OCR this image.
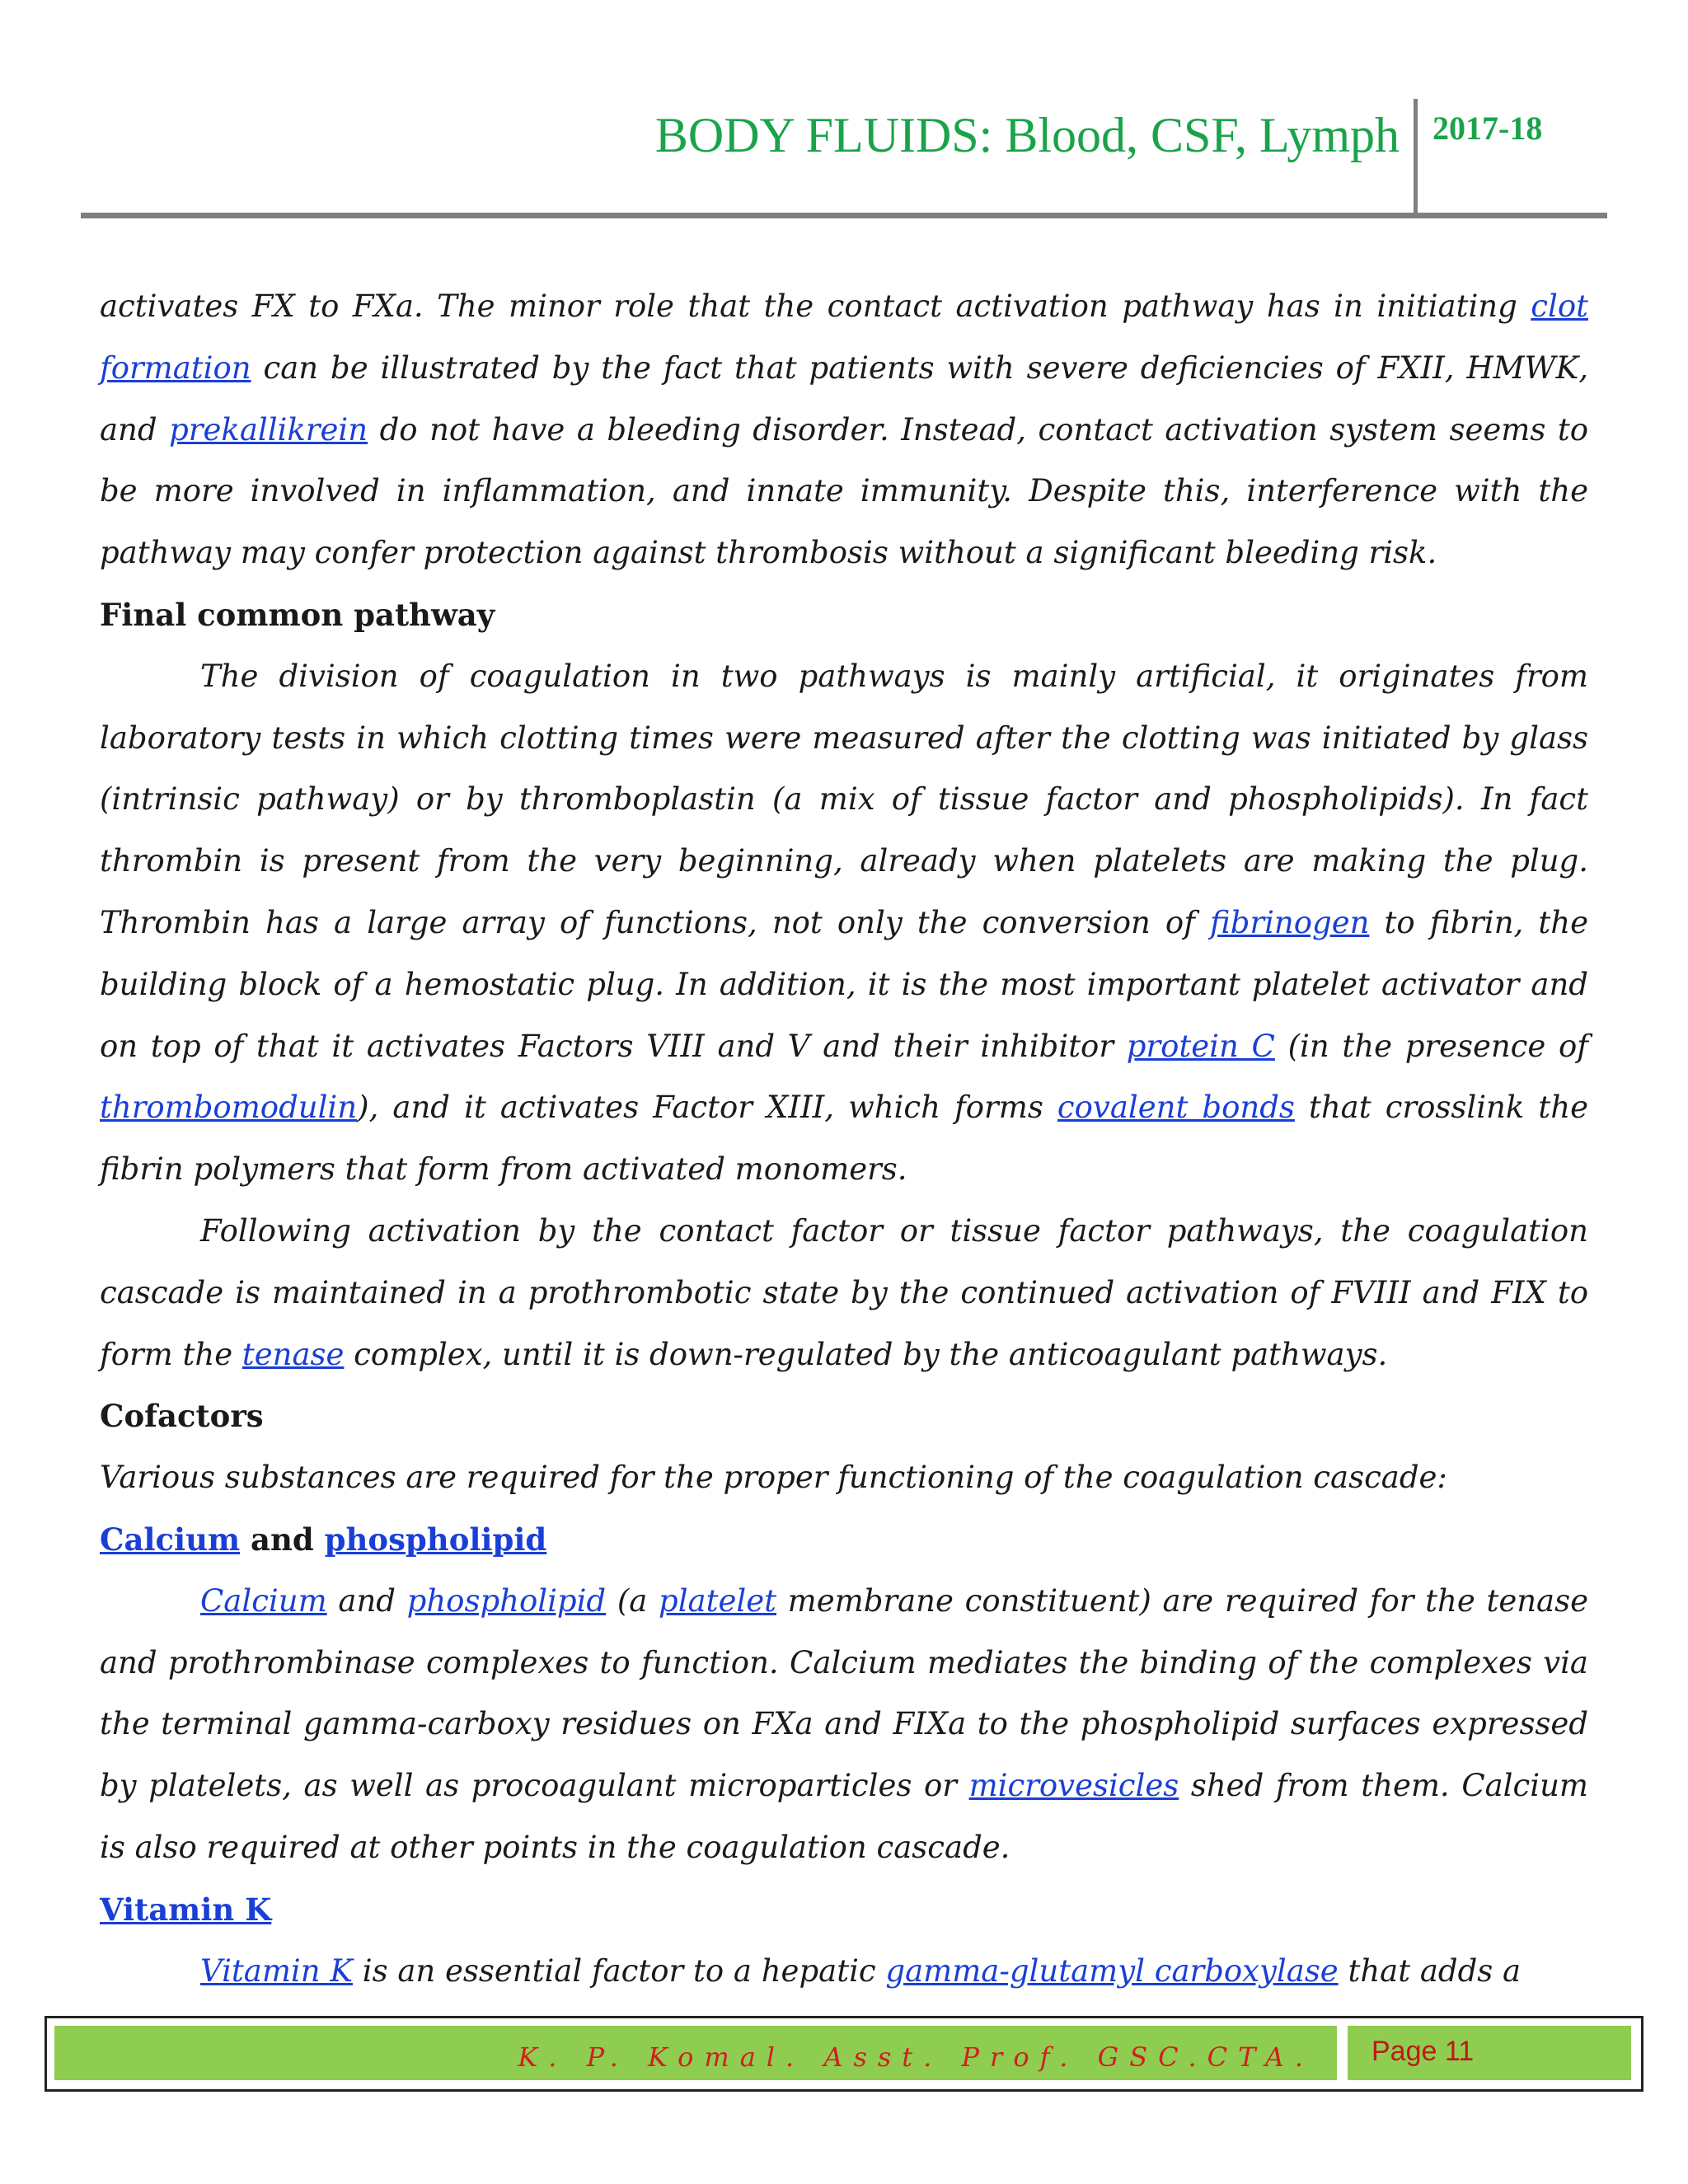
BODY FLUIDS: Blood, CSF, Lymph 2017-18

activates FX to FXa. The minor role that the contact activation pathway has in initiating clot formation can be illustrated by the fact that patients with severe deficiencies of FXII, HMWK, and prekallikrein do not have a bleeding disorder. Instead, contact activation system seems to be more involved in inflammation, and innate immunity. Despite this, interference with the pathway may confer protection against thrombosis without a significant bleeding risk.

Final common pathway

The division of coagulation in two pathways is mainly artificial, it originates from laboratory tests in which clotting times were measured after the clotting was initiated by glass (intrinsic pathway) or by thromboplastin (a mix of tissue factor and phospholipids). In fact thrombin is present from the very beginning, already when platelets are making the plug. Thrombin has a large array of functions, not only the conversion of fibrinogen to fibrin, the building block of a hemostatic plug. In addition, it is the most important platelet activator and on top of that it activates Factors VIII and V and their inhibitor protein C (in the presence of thrombomodulin), and it activates Factor XIII, which forms covalent bonds that crosslink the fibrin polymers that form from activated monomers.

Following activation by the contact factor or tissue factor pathways, the coagulation cascade is maintained in a prothrombotic state by the continued activation of FVIII and FIX to form the tenase complex, until it is down-regulated by the anticoagulant pathways.

Cofactors

Various substances are required for the proper functioning of the coagulation cascade:

Calcium and phospholipid

Calcium and phospholipid (a platelet membrane constituent) are required for the tenase and prothrombinase complexes to function. Calcium mediates the binding of the complexes via the terminal gamma-carboxy residues on FXa and FIXa to the phospholipid surfaces expressed by platelets, as well as procoagulant microparticles or microvesicles shed from them. Calcium is also required at other points in the coagulation cascade.

Vitamin K

Vitamin K is an essential factor to a hepatic gamma-glutamyl carboxylase that adds a

K. P. Komal. Asst. Prof. GSC.CTA. Page 11
